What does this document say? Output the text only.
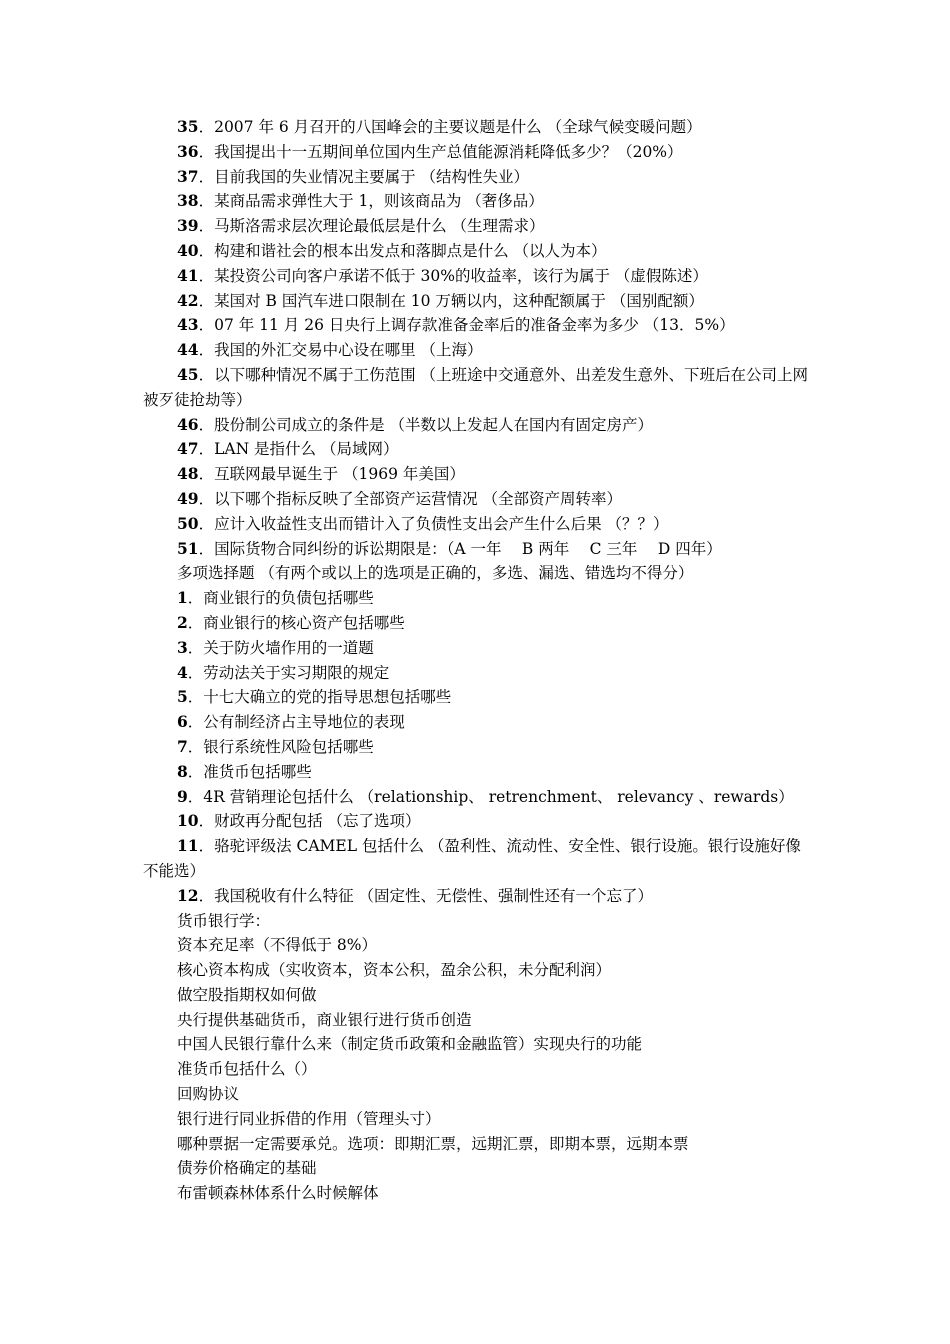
35．2007 年 6 月召开的八国峰会的主要议题是什么 （全球气候变暖问题）
36．我国提出十一五期间单位国内生产总值能源消耗降低多少？（20%）
37．目前我国的失业情况主要属于 （结构性失业）
38．某商品需求弹性大于 1，则该商品为 （奢侈品）
39．马斯洛需求层次理论最低层是什么 （生理需求）
40．构建和谐社会的根本出发点和落脚点是什么 （以人为本）
41．某投资公司向客户承诺不低于 30%的收益率，该行为属于 （虚假陈述）
42．某国对 B 国汽车进口限制在 10 万辆以内，这种配额属于 （国别配额）
43．07 年 11 月 26 日央行上调存款准备金率后的准备金率为多少 （13．5%）
44．我国的外汇交易中心设在哪里 （上海）
45．以下哪种情况不属于工伤范围 （上班途中交通意外、出差发生意外、下班后在公司上网被歹徒抢劫等）
46．股份制公司成立的条件是 （半数以上发起人在国内有固定房产）
47．LAN 是指什么 （局域网）
48．互联网最早诞生于 （1969 年美国）
49．以下哪个指标反映了全部资产运营情况 （全部资产周转率）
50．应计入收益性支出而错计入了负债性支出会产生什么后果 （？？）
51．国际货物合同纠纷的诉讼期限是：（A 一年 　B 两年 　C 三年 　D 四年）
多项选择题 （有两个或以上的选项是正确的，多选、漏选、错选均不得分）
1．商业银行的负债包括哪些
2．商业银行的核心资产包括哪些
3．关于防火墙作用的一道题
4．劳动法关于实习期限的规定
5．十七大确立的党的指导思想包括哪些
6．公有制经济占主导地位的表现
7．银行系统性风险包括哪些
8．准货币包括哪些
9．4R 营销理论包括什么 （relationship、 retrenchment、 relevancy 、rewards）
10．财政再分配包括 （忘了选项）
11．骆驼评级法 CAMEL 包括什么 （盈利性、流动性、安全性、银行设施。银行设施好像不能选）
12．我国税收有什么特征 （固定性、无偿性、强制性还有一个忘了）
货币银行学：
资本充足率（不得低于 8%）
核心资本构成（实收资本，资本公积，盈余公积，未分配利润）
做空股指期权如何做
央行提供基础货币，商业银行进行货币创造
中国人民银行靠什么来（制定货币政策和金融监管）实现央行的功能
准货币包括什么（）
回购协议
银行进行同业拆借的作用（管理头寸）
哪种票据一定需要承兑。选项：即期汇票，远期汇票，即期本票，远期本票
债券价格确定的基础
布雷顿森林体系什么时候解体
